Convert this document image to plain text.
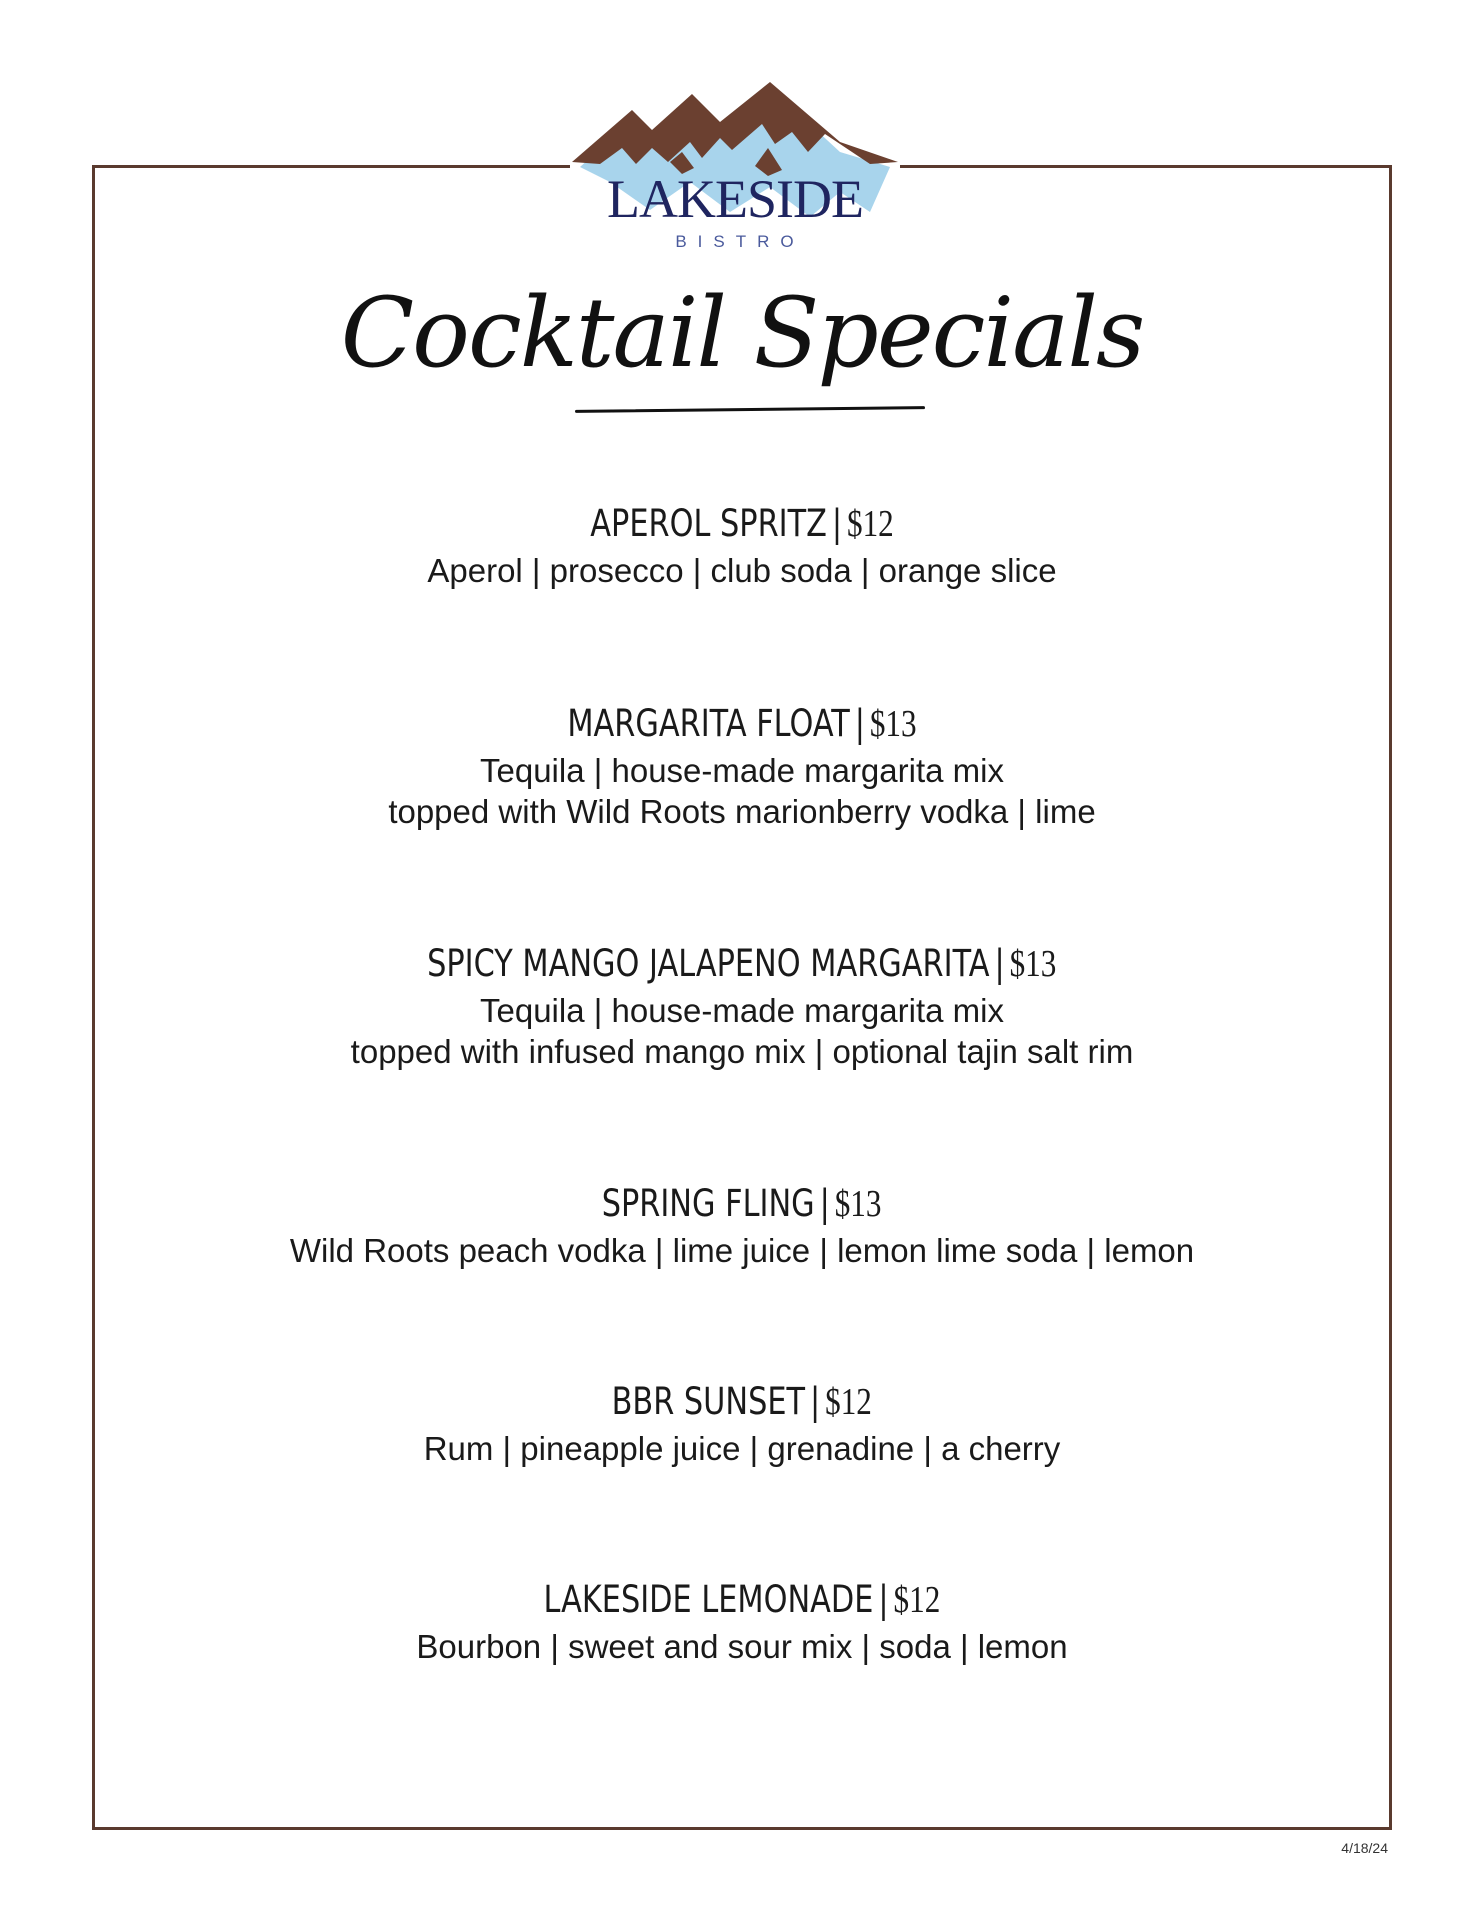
LAKESIDE
BISTRO
Cocktail Specials
APEROL SPRITZ | $12
Aperol | prosecco | club soda | orange slice
MARGARITA FLOAT | $13
Tequila | house-made margarita mix
topped with Wild Roots marionberry vodka | lime
SPICY MANGO JALAPENO MARGARITA | $13
Tequila | house-made margarita mix
topped with infused mango mix | optional tajin salt rim
SPRING FLING | $13
Wild Roots peach vodka | lime juice | lemon lime soda | lemon
BBR SUNSET | $12
Rum | pineapple juice | grenadine | a cherry
LAKESIDE LEMONADE | $12
Bourbon | sweet and sour mix | soda | lemon
4/18/24
